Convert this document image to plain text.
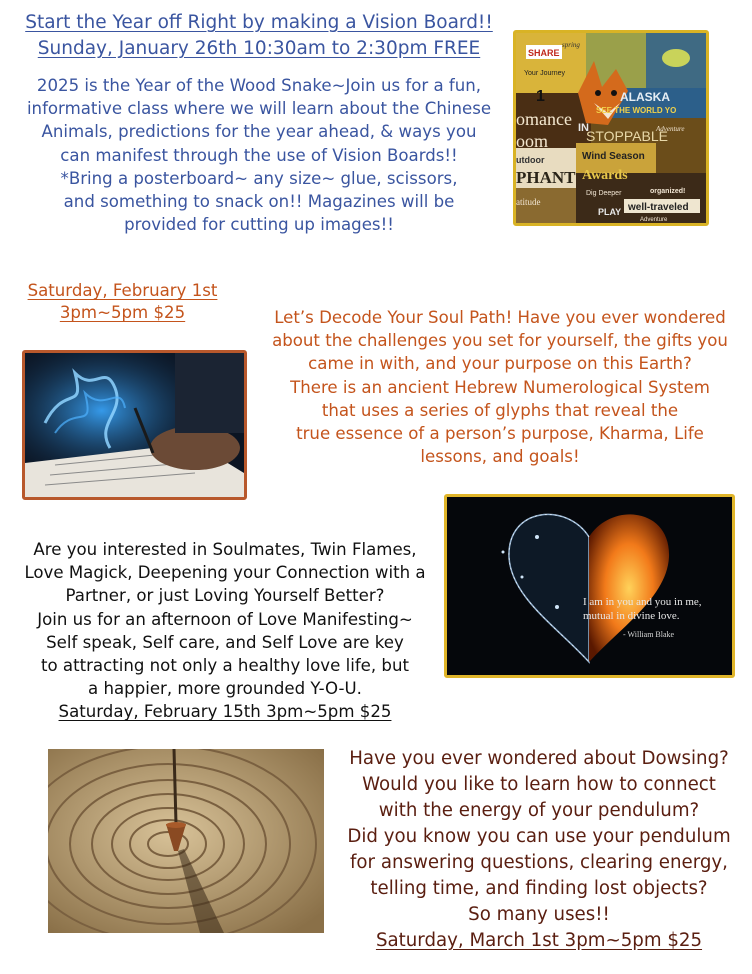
Start the Year off Right by making a Vision Board!!
Sunday, January 26th 10:30am to 2:30pm FREE
2025 is the Year of the Wood Snake~Join us for a fun,
informative class where we will learn about the Chinese
Animals, predictions for the year ahead, & ways you
can manifest through the use of Vision Boards!!
*Bring a posterboard~ any size~ glue, scissors,
and something to snack on!! Magazines will be
provided for cutting up images!!
SHARE
Your Journey
spring
1
omance
ALASKA
SEE THE WORLD YO
Adventure
IN
oom	STOPPABLE
utdoor	Wind Season
PHANT Awards
atitude
Dig Deeper	organized!
PLAY well-traveled
Adventure
Saturday, February 1st
3pm~5pm $25	Let’s Decode Your Soul Path! Have you ever wondered
about the challenges you set for yourself, the gifts you
came in with, and your purpose on this Earth?
There is an ancient Hebrew Numerological System
that uses a series of glyphs that reveal the
true essence of a person’s purpose, Kharma, Life
lessons, and goals!
Are you interested in Soulmates, Twin Flames,
Love Magick, Deepening your Connection with a
Partner, or just Loving Yourself Better?
Join us for an afternoon of Love Manifesting~
Self speak, Self care, and Self Love are key
to attracting not only a healthy love life, but
a happier, more grounded Y-O-U.
Saturday, February 15th 3pm~5pm $25
I am in you and you in me,
mutual in divine love.
- William Blake
Have you ever wondered about Dowsing?
Would you like to learn how to connect
with the energy of your pendulum?
Did you know you can use your pendulum
for answering questions, clearing energy,
telling time, and finding lost objects?
So many uses!!
Saturday, March 1st 3pm~5pm $25
